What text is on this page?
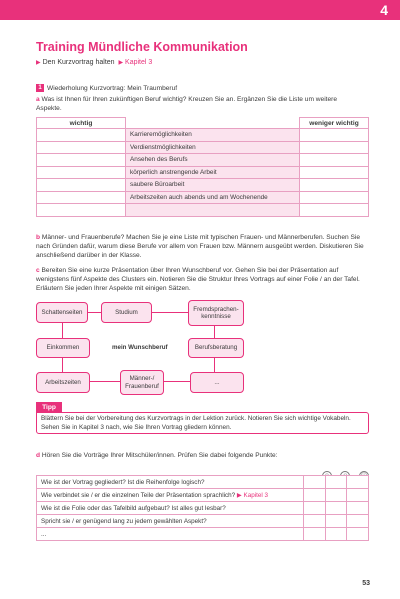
4
Training Mündliche Kommunikation
▶ Den Kurzvortrag halten ▶ Kapitel 3
1 Wiederholung Kurzvortrag: Mein Traumberuf
a Was ist Ihnen für Ihren zukünftigen Beruf wichtig? Kreuzen Sie an. Ergänzen Sie die Liste um weitere Aspekte.
wichtig		weniger wichtig
	Karrieremöglichkeiten	
	Verdienstmöglichkeiten	
	Ansehen des Berufs	
	körperlich anstrengende Arbeit	
	saubere Büroarbeit	
	Arbeitszeiten auch abends und am Wochenende	

b Männer- und Frauenberufe? Machen Sie je eine Liste mit typischen Frauen- und Männerberufen. Suchen Sie nach Gründen dafür, warum diese Berufe vor allem von Frauen bzw. Männern ausgeübt werden. Diskutieren Sie anschließend darüber in der Klasse.
c Bereiten Sie eine kurze Präsentation über Ihren Wunschberuf vor. Gehen Sie bei der Präsentation auf wenigstens fünf Aspekte des Clusters ein. Notieren Sie die Struktur Ihres Vortrags auf einer Folie / an der Tafel. Erläutern Sie jeden Ihrer Aspekte mit einigen Sätzen.
Schattenseiten	Studium	Fremdsprachen-kenntnisse
Einkommen	mein Wunschberuf	Berufsberatung
Arbeitszeiten
Männer-/ Frauenberuf
...
Tipp
Blättern Sie bei der Vorbereitung des Kurzvortrags in der Lektion zurück. Notieren Sie sich wichtige Vokabeln. Sehen Sie in Kapitel 3 nach, wie Sie Ihren Vortrag gliedern können.
d Hören Sie die Vorträge Ihrer Mitschüler/innen. Prüfen Sie dabei folgende Punkte:

Wie ist der Vortrag gegliedert? Ist die Reihenfolge logisch?			
Wie verbindet sie / er die einzelnen Teile der Präsentation sprachlich? ▶ Kapitel 3			
Wie ist die Folie oder das Tafelbild aufgebaut? Ist alles gut lesbar?			
Spricht sie / er genügend lang zu jedem gewählten Aspekt?			
...			
53
